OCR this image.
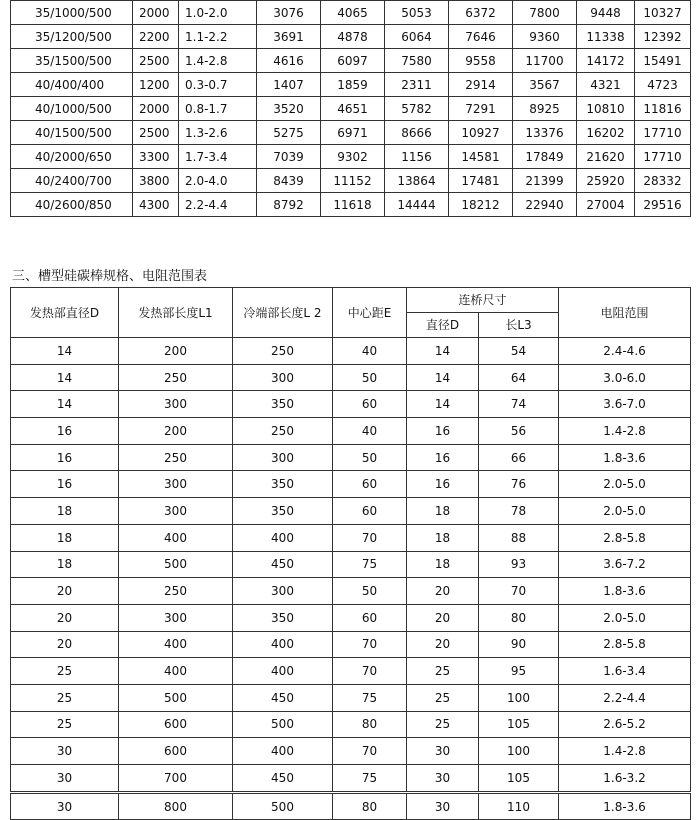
35/1000/500	2000	1.0-2.0	3076	4065	5053	6372	7800	9448	10327
35/1200/500	2200	1.1-2.2	3691	4878	6064	7646	9360	11338	12392
35/1500/500	2500	1.4-2.8	4616	6097	7580	9558	11700	14172	15491
40/400/400	1200	0.3-0.7	1407	1859	2311	2914	3567	4321	4723
40/1000/500	2000	0.8-1.7	3520	4651	5782	7291	8925	10810	11816
40/1500/500	2500	1.3-2.6	5275	6971	8666	10927	13376	16202	17710
40/2000/650	3300	1.7-3.4	7039	9302	1156	14581	17849	21620	17710
40/2400/700	3800	2.0-4.0	8439	11152	13864	17481	21399	25920	28332
40/2600/850	4300	2.2-4.4	8792	11618	14444	18212	22940	27004	29516
三、槽型硅碳棒规格、电阻范围表
发热部直径D	发热部长度L1	冷端部长度L 2	中心距E	连桥尺寸		电阻范围
				直径D	长L3	
14	200	250	40	14	54	2.4-4.6
14	250	300	50	14	64	3.0-6.0
14	300	350	60	14	74	3.6-7.0
16	200	250	40	16	56	1.4-2.8
16	250	300	50	16	66	1.8-3.6
16	300	350	60	16	76	2.0-5.0
18	300	350	60	18	78	2.0-5.0
18	400	400	70	18	88	2.8-5.8
18	500	450	75	18	93	3.6-7.2
20	250	300	50	20	70	1.8-3.6
20	300	350	60	20	80	2.0-5.0
20	400	400	70	20	90	2.8-5.8
25	400	400	70	25	95	1.6-3.4
25	500	450	75	25	100	2.2-4.4
25	600	500	80	25	105	2.6-5.2
30	600	400	70	30	100	1.4-2.8
30	700	450	75	30	105	1.6-3.2
30	800	500	80	30	110	1.8-3.6
